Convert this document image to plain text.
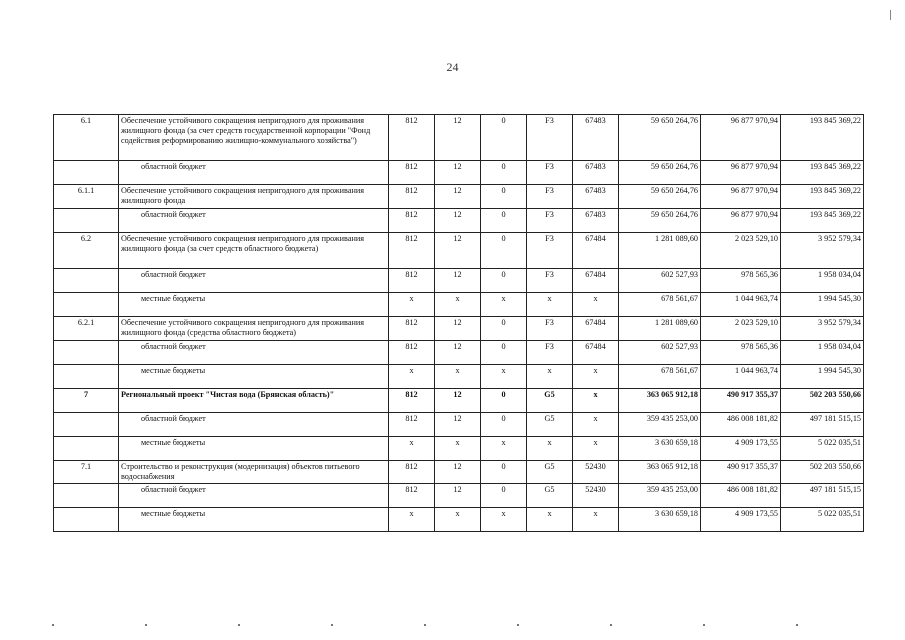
24
6.1	Обеспечение устойчивого сокращения непригодного для проживания жилищного фонда (за счет средств государственной корпорации "Фонд содействия реформированию жилищно-коммунального хозяйства")	812	12	0	F3	67483	59 650 264,76	96 877 970,94	193 845 369,22
	областной бюджет	812	12	0	F3	67483	59 650 264,76	96 877 970,94	193 845 369,22
6.1.1	Обеспечение устойчивого сокращения непригодного для проживания жилищного фонда	812	12	0	F3	67483	59 650 264,76	96 877 970,94	193 845 369,22
	областной бюджет	812	12	0	F3	67483	59 650 264,76	96 877 970,94	193 845 369,22
6.2	Обеспечение устойчивого сокращения непригодного для проживания жилищного фонда (за счет средств областного бюджета)	812	12	0	F3	67484	1 281 089,60	2 023 529,10	3 952 579,34
	областной бюджет	812	12	0	F3	67484	602 527,93	978 565,36	1 958 034,04
	местные бюджеты	x	x	x	x	x	678 561,67	1 044 963,74	1 994 545,30
6.2.1	Обеспечение устойчивого сокращения непригодного для проживания жилищного фонда (средства областного бюджета)	812	12	0	F3	67484	1 281 089,60	2 023 529,10	3 952 579,34
	областной бюджет	812	12	0	F3	67484	602 527,93	978 565,36	1 958 034,04
	местные бюджеты	x	x	x	x	x	678 561,67	1 044 963,74	1 994 545,30
7	Региональный проект "Чистая вода (Брянская область)"	812	12	0	G5	x	363 065 912,18	490 917 355,37	502 203 550,66
	областной бюджет	812	12	0	G5	x	359 435 253,00	486 008 181,82	497 181 515,15
	местные бюджеты	x	x	x	x	x	3 630 659,18	4 909 173,55	5 022 035,51
7.1	Строительство и реконструкция (модернизация) объектов питьевого водоснабжения	812	12	0	G5	52430	363 065 912,18	490 917 355,37	502 203 550,66
	областной бюджет	812	12	0	G5	52430	359 435 253,00	486 008 181,82	497 181 515,15
	местные бюджеты	x	x	x	x	x	3 630 659,18	4 909 173,55	5 022 035,51
